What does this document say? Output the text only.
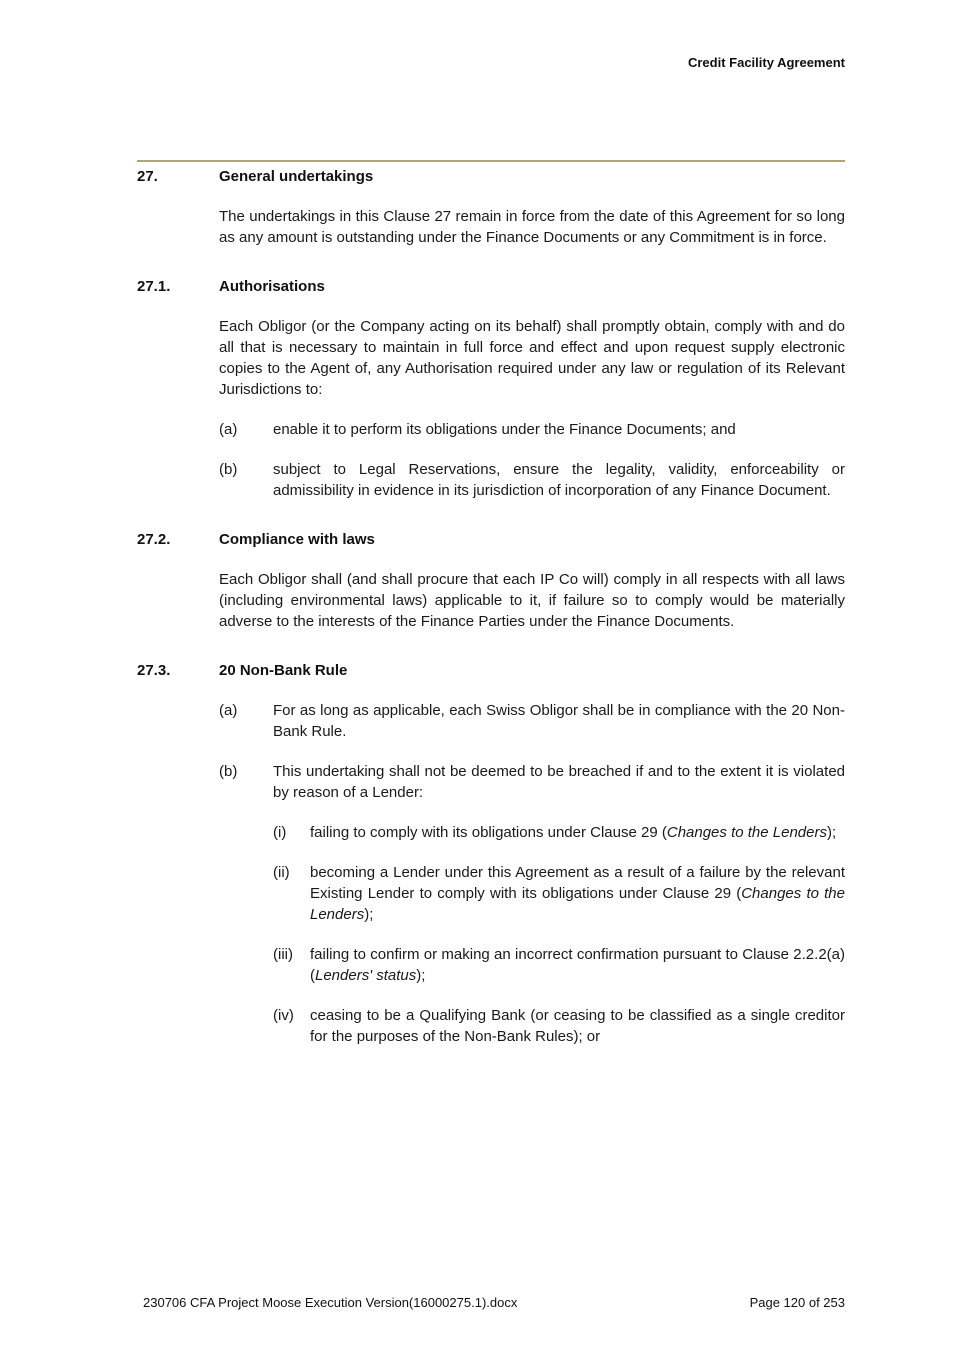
Credit Facility Agreement
27.	General undertakings
The undertakings in this Clause 27 remain in force from the date of this Agreement for so long as any amount is outstanding under the Finance Documents or any Commitment is in force.
27.1.	Authorisations
Each Obligor (or the Company acting on its behalf) shall promptly obtain, comply with and do all that is necessary to maintain in full force and effect and upon request supply electronic copies to the Agent of, any Authorisation required under any law or regulation of its Relevant Jurisdictions to:
(a)	enable it to perform its obligations under the Finance Documents; and
(b)	subject to Legal Reservations, ensure the legality, validity, enforceability or admissibility in evidence in its jurisdiction of incorporation of any Finance Document.
27.2.	Compliance with laws
Each Obligor shall (and shall procure that each IP Co will) comply in all respects with all laws (including environmental laws) applicable to it, if failure so to comply would be materially adverse to the interests of the Finance Parties under the Finance Documents.
27.3.	20 Non-Bank Rule
(a)	For as long as applicable, each Swiss Obligor shall be in compliance with the 20 Non-Bank Rule.
(b)	This undertaking shall not be deemed to be breached if and to the extent it is violated by reason of a Lender:
(i)	failing to comply with its obligations under Clause 29 (Changes to the Lenders);
(ii)	becoming a Lender under this Agreement as a result of a failure by the relevant Existing Lender to comply with its obligations under Clause 29 (Changes to the Lenders);
(iii)	failing to confirm or making an incorrect confirmation pursuant to Clause 2.2.2(a) (Lenders' status);
(iv)	ceasing to be a Qualifying Bank (or ceasing to be classified as a single creditor for the purposes of the Non-Bank Rules); or
230706 CFA Project Moose Execution Version(16000275.1).docx	Page 120 of 253
